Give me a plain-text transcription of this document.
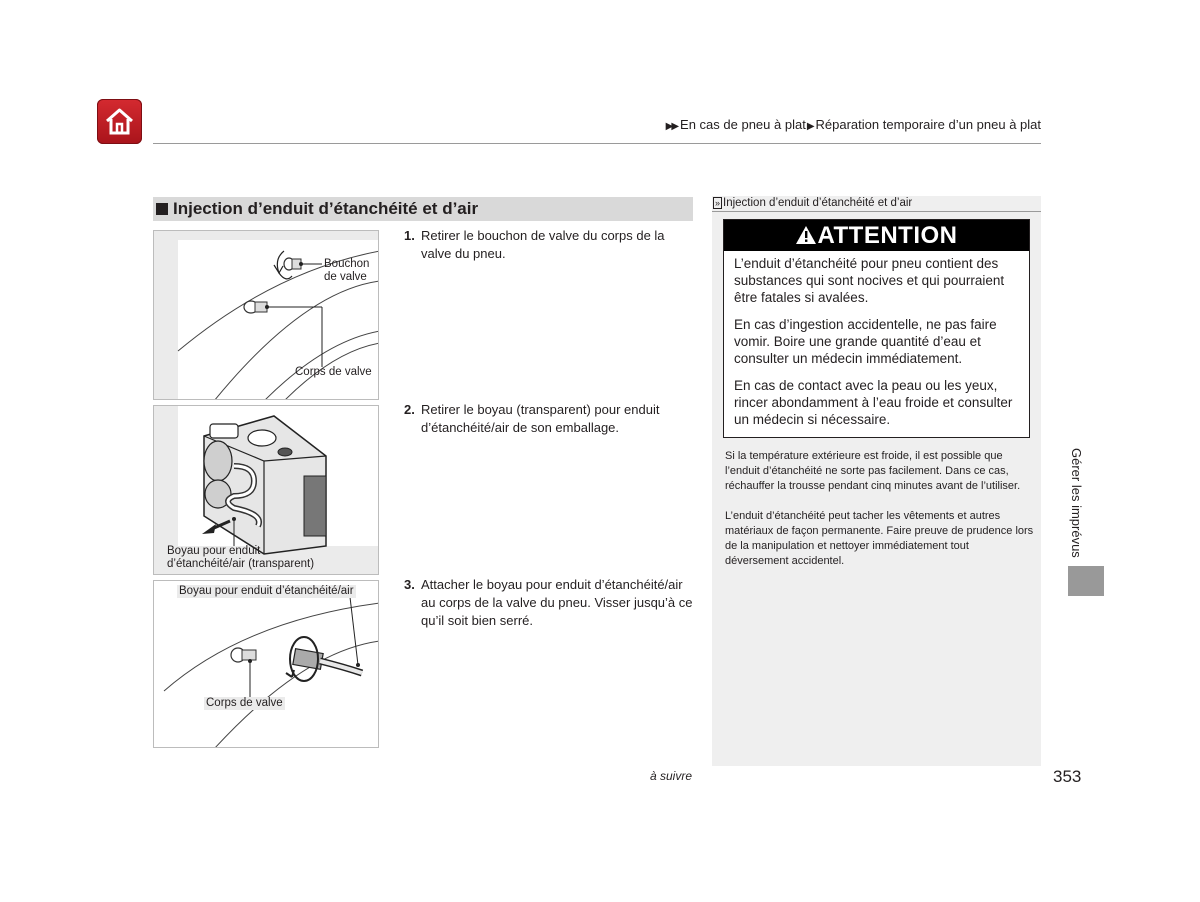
▶▶ En cas de pneu à plat▶Réparation temporaire d’un pneu à plat
Injection d’enduit d’étanchéité et d’air
Bouchon
de valve
Corps de valve
Boyau pour enduit
d’étanchéité/air (transparent)
Boyau pour enduit d’étanchéité/air
Corps de valve
1. Retirer le bouchon de valve du corps de la valve du pneu.
2. Retirer le boyau (transparent) pour enduit d’étanchéité/air de son emballage.
3. Attacher le boyau pour enduit d’étanchéité/air au corps de la valve du pneu. Visser jusqu’à ce qu’il soit bien serré.
» Injection d’enduit d’étanchéité et d’air
ATTENTION
L’enduit d’étanchéité pour pneu contient des substances qui sont nocives et qui pourraient être fatales si avalées.
En cas d’ingestion accidentelle, ne pas faire vomir. Boire une grande quantité d’eau et consulter un médecin immédiatement.
En cas de contact avec la peau ou les yeux, rincer abondamment à l’eau froide et consulter un médecin si nécessaire.
Si la température extérieure est froide, il est possible que l’enduit d’étanchéité ne sorte pas facilement. Dans ce cas, réchauffer la trousse pendant cinq minutes avant de l’utiliser.
L’enduit d’étanchéité peut tacher les vêtements et autres matériaux de façon permanente. Faire preuve de prudence lors de la manipulation et nettoyer immédiatement tout déversement accidentel.
Gérer les imprévus
à suivre	353
